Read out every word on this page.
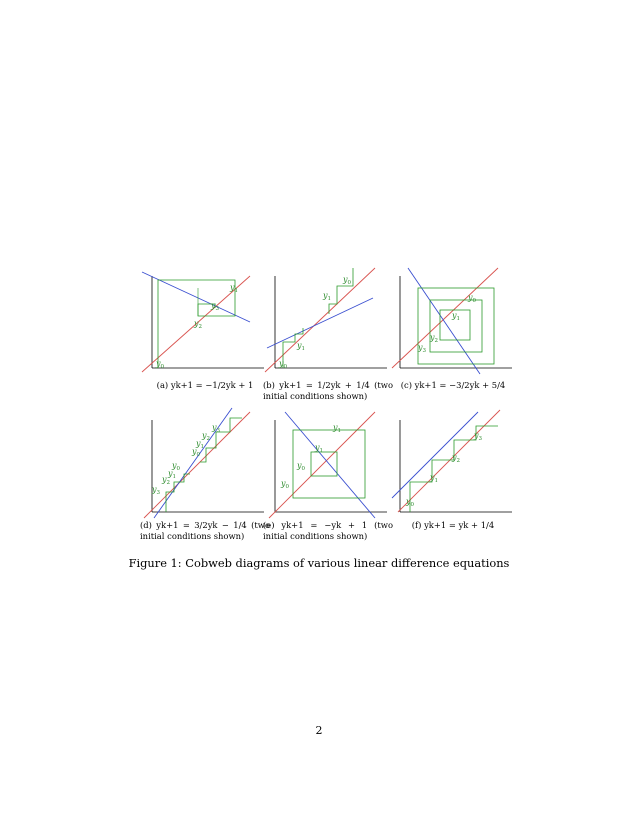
$y_0$
$y_1$
$y_2$
$y_3$
(a) yk+1 = −1/2yk + 1
$y_0$
$y_1$
$y_0$
$y_1$
(b) yk+1 = 1/2yk + 1/4 (two initial conditions shown)
$y_0$
$y_1$
$y_2$
$y_3$
(c) yk+1 = −3/2yk + 5/4
$y_0$
$y_1$
$y_2$
$y_3$
$y_0$
$y_1$
$y_2$
$y_3$
(d) yk+1 = 3/2yk − 1/4 (two initial conditions shown)
$y_0$
$y_1$
$y_0$
$y_1$
(e) yk+1 = −yk + 1 (two initial conditions shown)
$y_0$
$y_1$
$y_2$
$y_3$
(f) yk+1 = yk + 1/4
Figure 1: Cobweb diagrams of various linear difference equations
2
